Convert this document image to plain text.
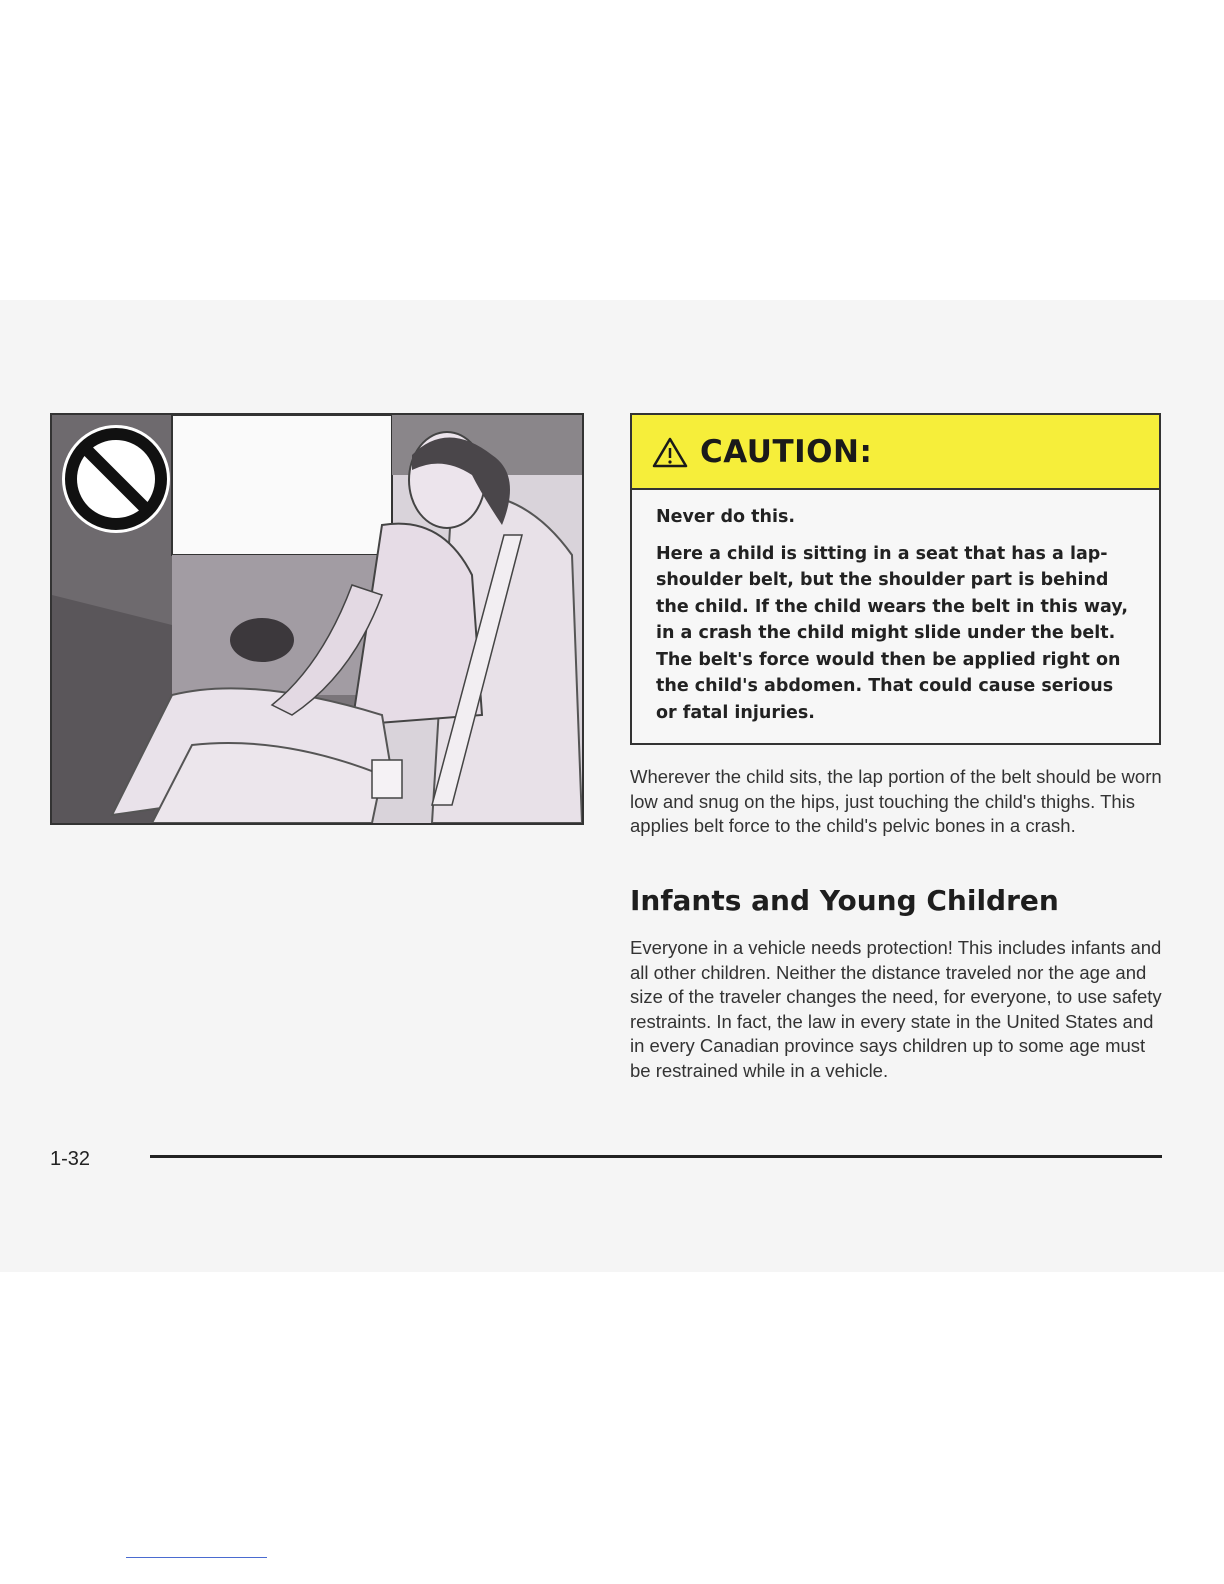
CAUTION:

Never do this.

Here a child is sitting in a seat that has a lap-shoulder belt, but the shoulder part is behind the child. If the child wears the belt in this way, in a crash the child might slide under the belt. The belt's force would then be applied right on the child's abdomen. That could cause serious or fatal injuries.

Wherever the child sits, the lap portion of the belt should be worn low and snug on the hips, just touching the child's thighs. This applies belt force to the child's pelvic bones in a crash.

Infants and Young Children

Everyone in a vehicle needs protection! This includes infants and all other children. Neither the distance traveled nor the age and size of the traveler changes the need, for everyone, to use safety restraints. In fact, the law in every state in the United States and in every Canadian province says children up to some age must be restrained while in a vehicle.

1-32
